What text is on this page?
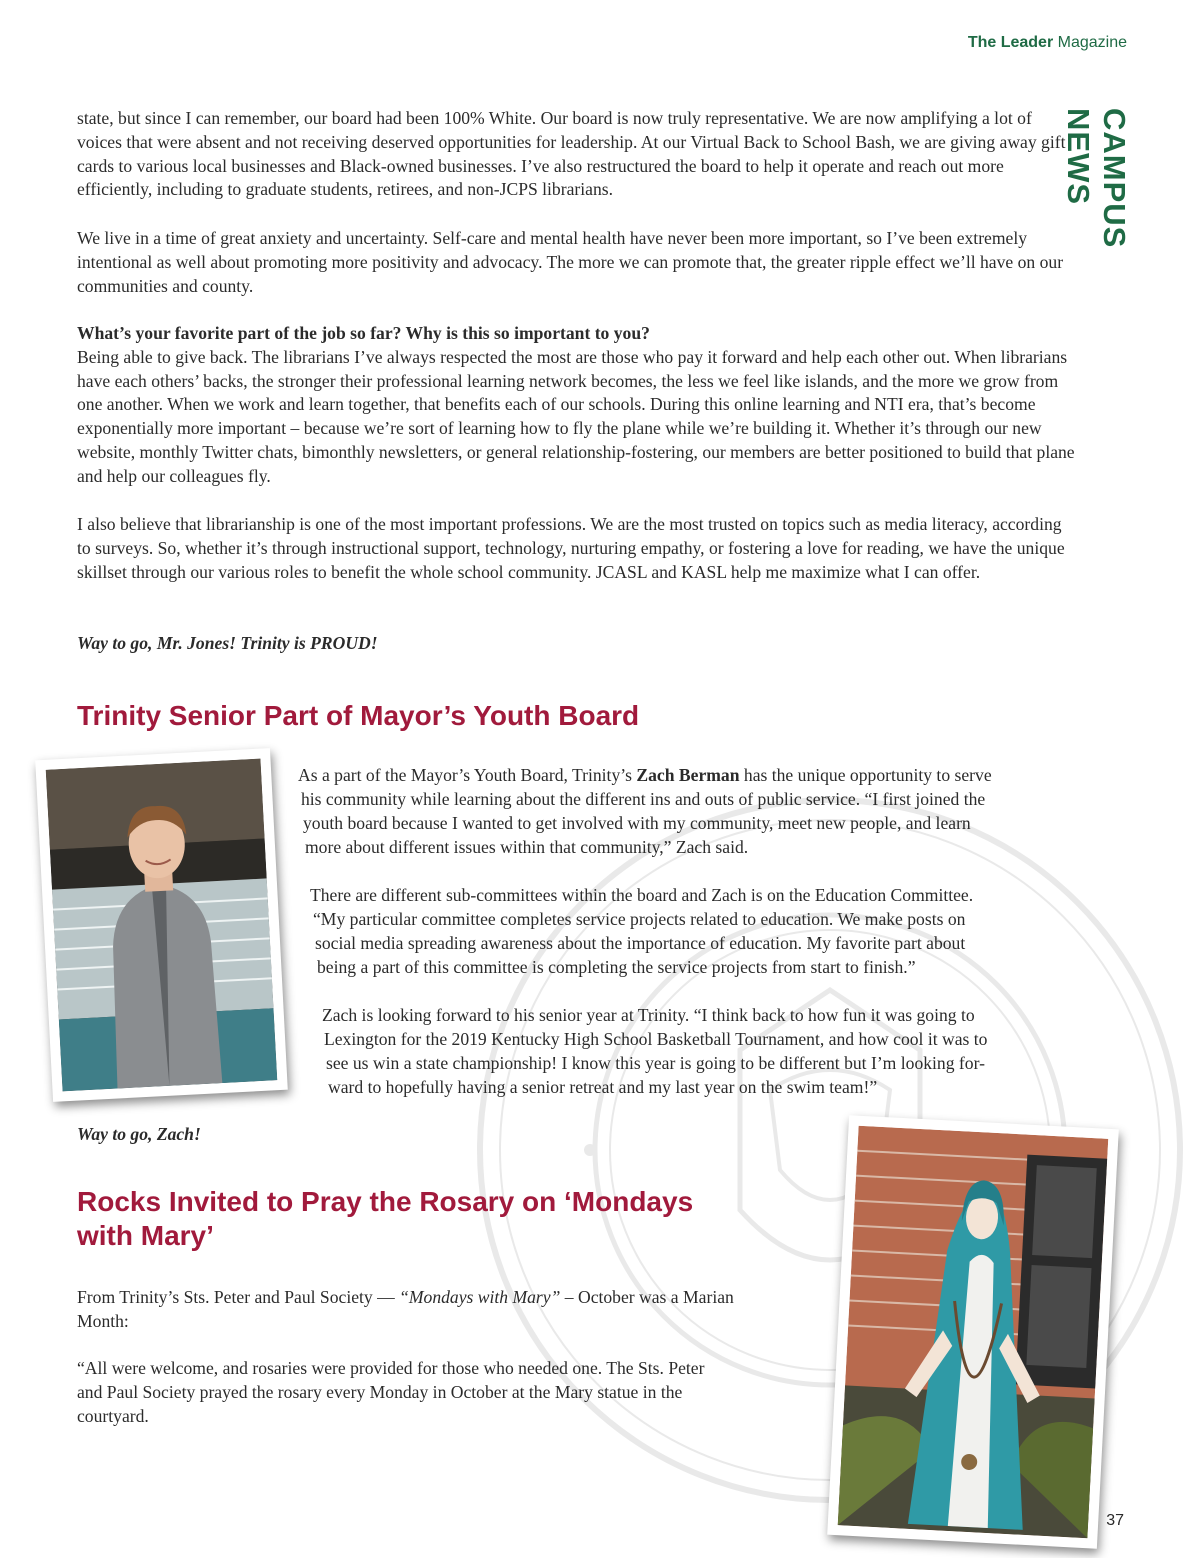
The Leader Magazine
CAMPUS NEWS

state, but since I can remember, our board had been 100% White. Our board is now truly representative. We are now amplifying a lot of voices that were absent and not receiving deserved opportunities for leadership. At our Virtual Back to School Bash, we are giving away gift cards to various local businesses and Black-owned businesses. I’ve also restructured the board to help it operate and reach out more efficiently, including to graduate students, retirees, and non-JCPS librarians.

We live in a time of great anxiety and uncertainty. Self-care and mental health have never been more important, so I’ve been extremely intentional as well about promoting more positivity and advocacy. The more we can promote that, the greater ripple effect we’ll have on our communities and county.

What’s your favorite part of the job so far? Why is this so important to you?

Being able to give back. The librarians I’ve always respected the most are those who pay it forward and help each other out. When librarians have each others’ backs, the stronger their professional learning network becomes, the less we feel like islands, and the more we grow from one another. When we work and learn together, that benefits each of our schools. During this online learning and NTI era, that’s become exponentially more important – because we’re sort of learning how to fly the plane while we’re building it. Whether it’s through our new website, monthly Twitter chats, bimonthly newsletters, or general relationship-fostering, our members are better positioned to build that plane and help our colleagues fly.

I also believe that librarianship is one of the most important professions. We are the most trusted on topics such as media literacy, according to surveys. So, whether it’s through instructional support, technology, nurturing empathy, or fostering a love for reading, we have the unique skillset through our various roles to benefit the whole school community. JCASL and KASL help me maximize what I can offer.

Way to go, Mr. Jones! Trinity is PROUD!
Trinity Senior Part of Mayor’s Youth Board
As a part of the Mayor’s Youth Board, Trinity’s Zach Berman has the unique opportunity to serve
his community while learning about the different ins and outs of public service. “I first joined the
youth board because I wanted to get involved with my community, meet new people, and learn
more about different issues within that community,” Zach said.
There are different sub-committees within the board and Zach is on the Education Committee.
“My particular committee completes service projects related to education. We make posts on
social media spreading awareness about the importance of education. My favorite part about
being a part of this committee is completing the service projects from start to finish.”
Zach is looking forward to his senior year at Trinity. “I think back to how fun it was going to
Lexington for the 2019 Kentucky High School Basketball Tournament, and how cool it was to
see us win a state championship! I know this year is going to be different but I’m looking for-
ward to hopefully having a senior retreat and my last year on the swim team!”
Way to go, Zach!
Rocks Invited to Pray the Rosary on ‘Mondays
with Mary’
From Trinity’s Sts. Peter and Paul Society — “Mondays with Mary” – October was a Marian
Month:
“All were welcome, and rosaries were provided for those who needed one. The Sts. Peter
and Paul Society prayed the rosary every Monday in October at the Mary statue in the
courtyard.
37
